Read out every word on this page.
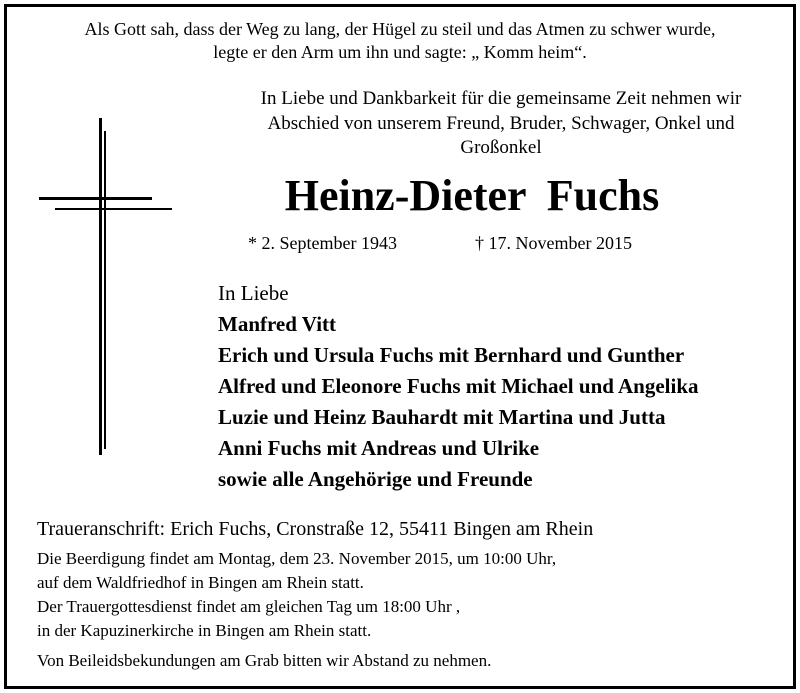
Als Gott sah, dass der Weg zu lang, der Hügel zu steil und das Atmen zu schwer wurde,
legte er den Arm um ihn und sagte: „ Komm heim“.
In Liebe und Dankbarkeit für die gemeinsame Zeit nehmen wir
Abschied von unserem Freund, Bruder, Schwager, Onkel und
Großonkel
Heinz-Dieter Fuchs
* 2. September 1943	† 17. November 2015
In Liebe
Manfred Vitt
Erich und Ursula Fuchs mit Bernhard und Gunther
Alfred und Eleonore Fuchs mit Michael und Angelika
Luzie und Heinz Bauhardt mit Martina und Jutta
Anni Fuchs mit Andreas und Ulrike
sowie alle Angehörige und Freunde
Traueranschrift: Erich Fuchs, Cronstraße 12, 55411 Bingen am Rhein
Die Beerdigung findet am Montag, dem 23. November 2015, um 10:00 Uhr,
auf dem Waldfriedhof in Bingen am Rhein statt.
Der Trauergottesdienst findet am gleichen Tag um 18:00 Uhr ,
in der Kapuzinerkirche in Bingen am Rhein statt.
Von Beileidsbekundungen am Grab bitten wir Abstand zu nehmen.
